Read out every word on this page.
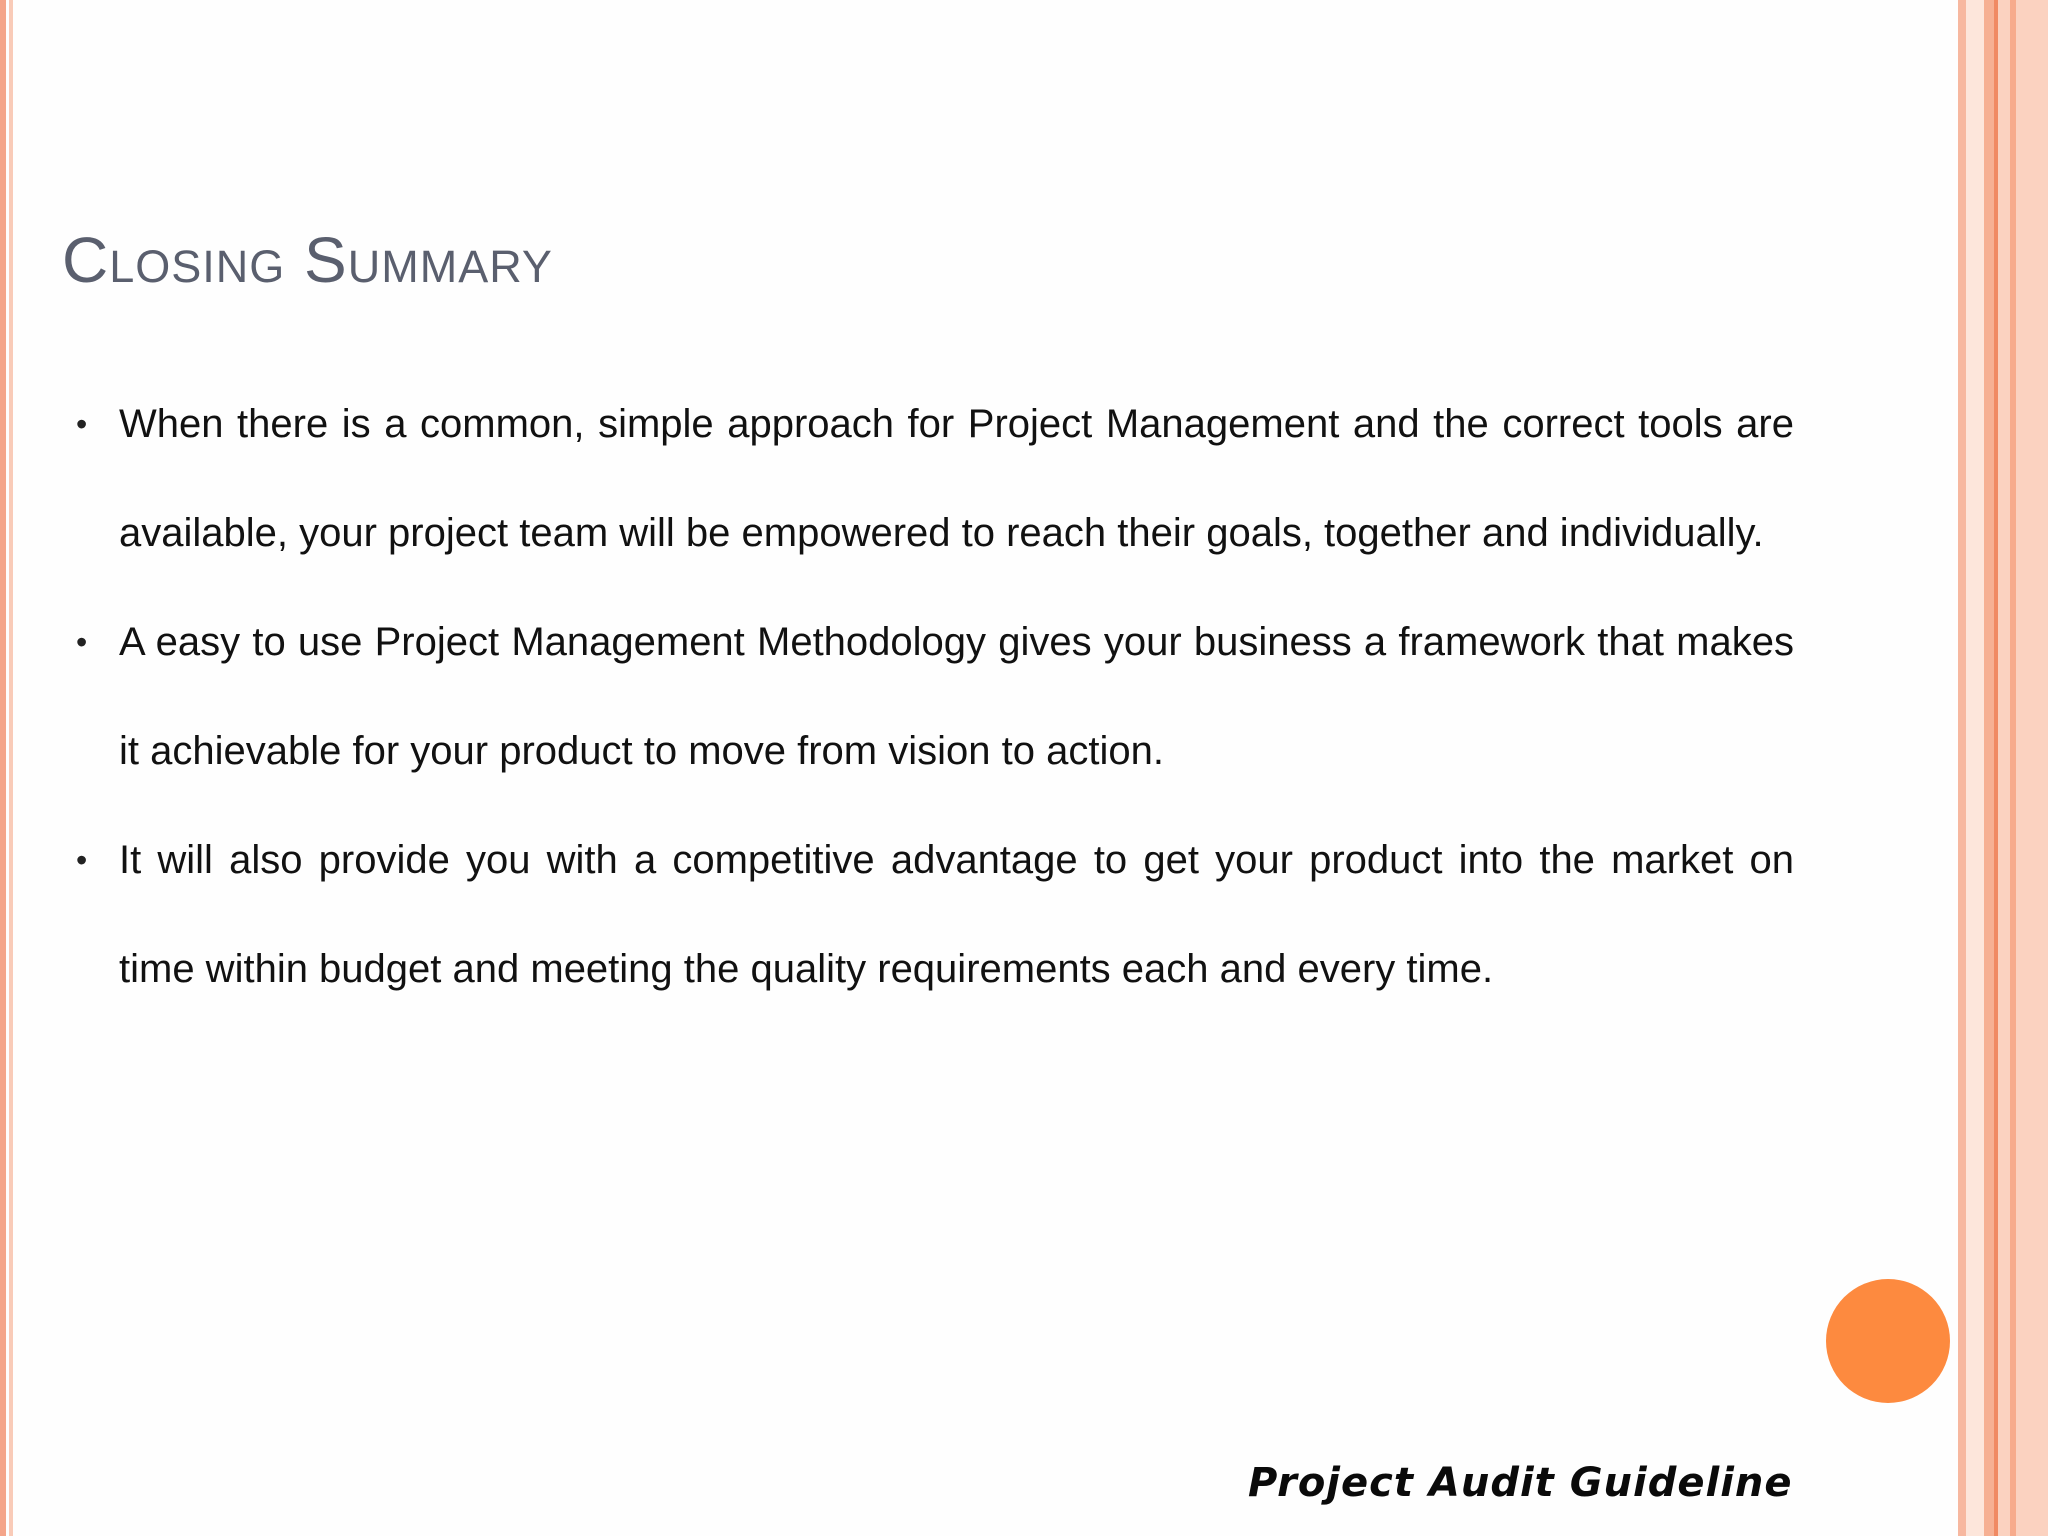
Closing Summary
• When there is a common, simple approach for Project Management and the correct tools are available, your project team will be empowered to reach their goals, together and individually.
• A easy to use Project Management Methodology gives your business a framework that makes it achievable for your product to move from vision to action.
• It will also provide you with a competitive advantage to get your product into the market on time within budget and meeting the quality requirements each and every time.
Project Audit Guideline
